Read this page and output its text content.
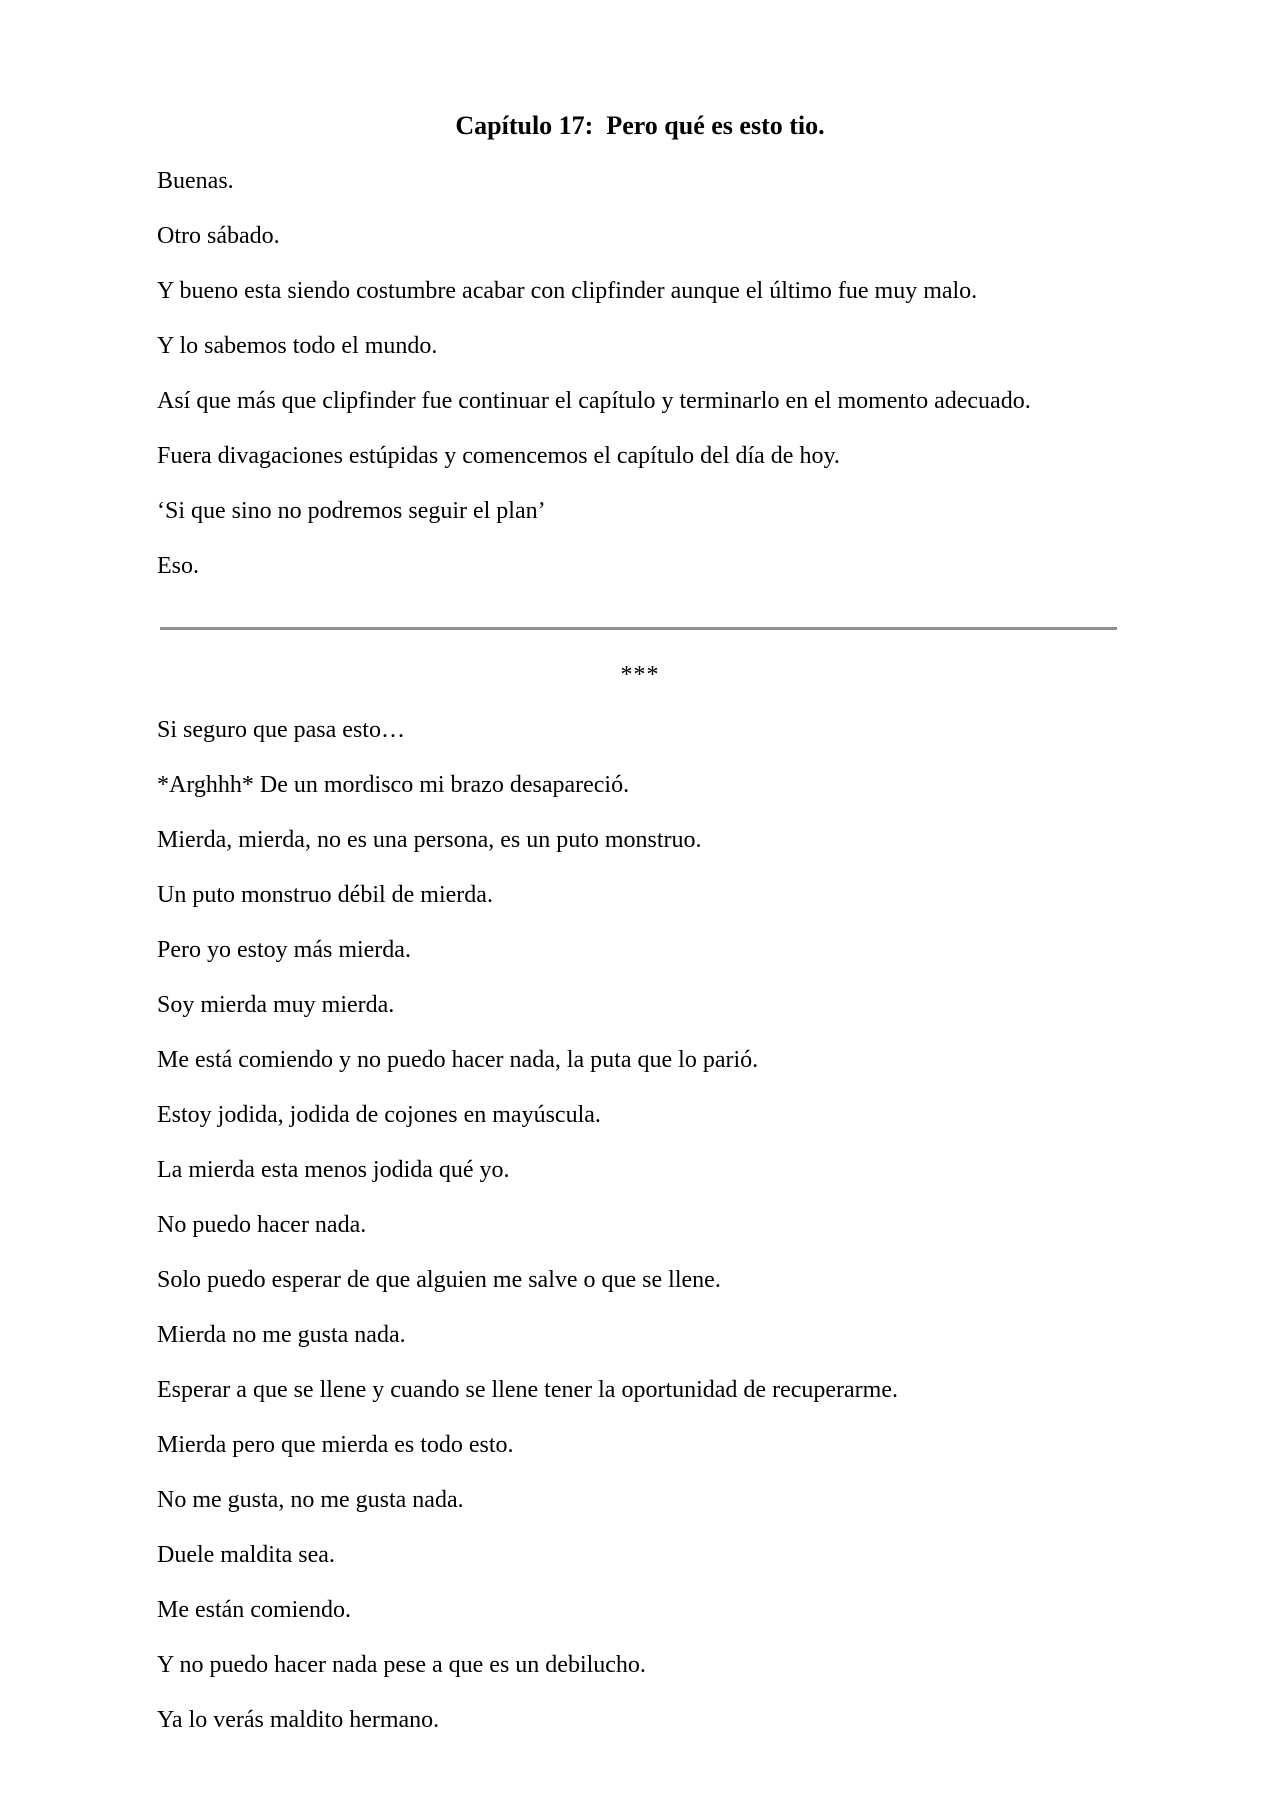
Capítulo 17:  Pero qué es esto tio.

Buenas.

Otro sábado.

Y bueno esta siendo costumbre acabar con clipfinder aunque el último fue muy malo.

Y lo sabemos todo el mundo.

Así que más que clipfinder fue continuar el capítulo y terminarlo en el momento adecuado.

Fuera divagaciones estúpidas y comencemos el capítulo del día de hoy.

‘Si que sino no podremos seguir el plan’

Eso.

***

Si seguro que pasa esto…

*Arghhh* De un mordisco mi brazo desapareció.

Mierda, mierda, no es una persona, es un puto monstruo.

Un puto monstruo débil de mierda.

Pero yo estoy más mierda.

Soy mierda muy mierda.

Me está comiendo y no puedo hacer nada, la puta que lo parió.

Estoy jodida, jodida de cojones en mayúscula.

La mierda esta menos jodida qué yo.

No puedo hacer nada.

Solo puedo esperar de que alguien me salve o que se llene.

Mierda no me gusta nada.

Esperar a que se llene y cuando se llene tener la oportunidad de recuperarme.

Mierda pero que mierda es todo esto.

No me gusta, no me gusta nada.

Duele maldita sea.

Me están comiendo.

Y no puedo hacer nada pese a que es un debilucho.

Ya lo verás maldito hermano.
